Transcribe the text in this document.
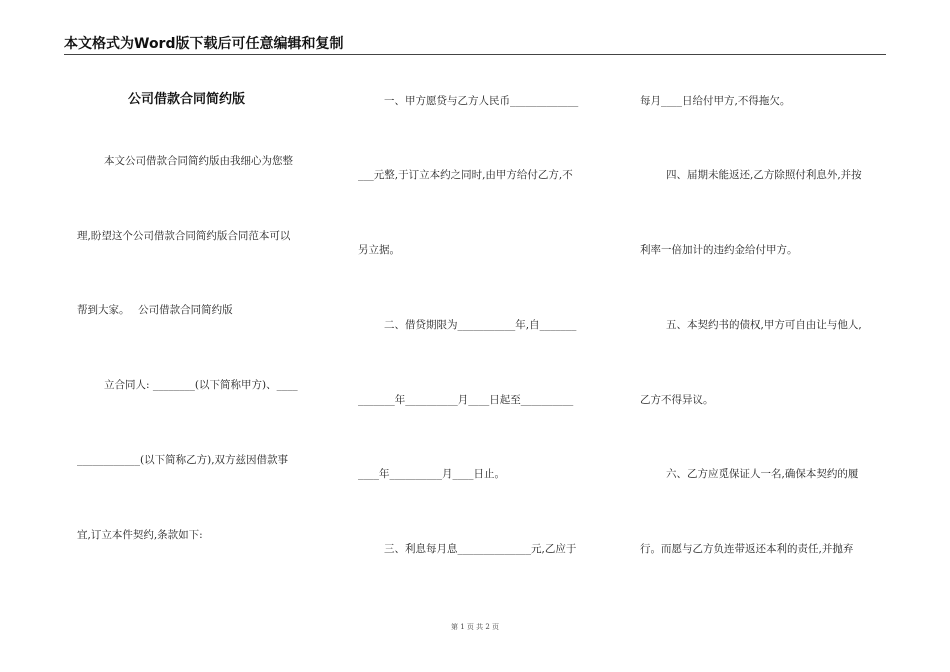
本文格式为Word版下载后可任意编辑和复制
公司借款合同简约版
本文公司借款合同简约版由我细心为您整
理,盼望这个公司借款合同简约版合同范本可以
帮到大家。　 公司借款合同简约版
立合同人: ________(以下简称甲方)、____
____________(以下简称乙方),双方兹因借款事
宜,订立本件契约,条款如下:
一、甲方愿贷与乙方人民币_____________
___元整,于订立本约之同时,由甲方给付乙方,不
另立据。
二、借贷期限为___________年,自_______
_______年__________月____日起至__________
____年__________月____日止。
三、利息每月息______________元,乙应于
每月____日给付甲方,不得拖欠。
四、届期未能返还,乙方除照付利息外,并按
利率一倍加计的违约金给付甲方。
五、本契约书的债权,甲方可自由让与他人,
乙方不得异议。
六、乙方应觅保证人一名,确保本契约的履
行。而愿与乙方负连带返还本利的责任,并抛弃
第 1 页 共 2 页
